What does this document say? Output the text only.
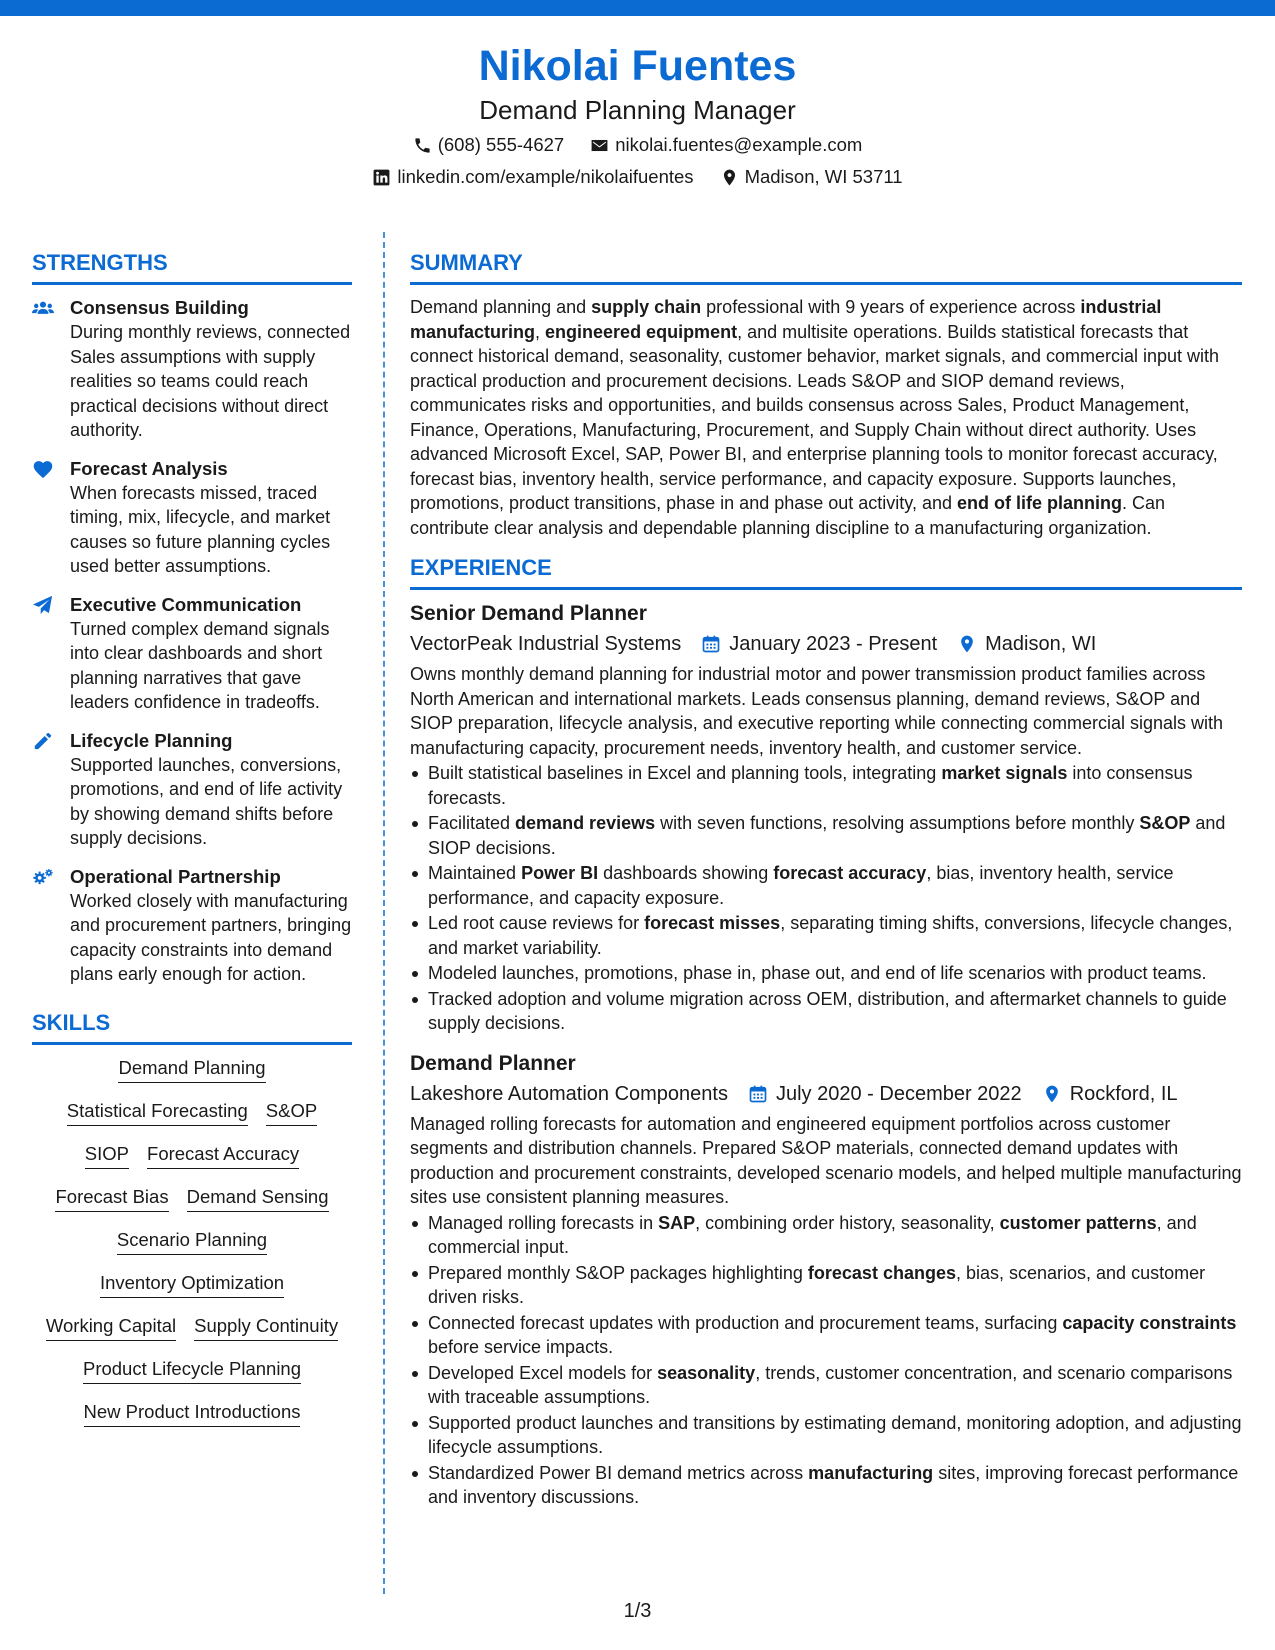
Nikolai Fuentes
Demand Planning Manager
(608) 555-4627	nikolai.fuentes@example.com
linkedin.com/example/nikolaifuentes	Madison, WI 53711
STRENGTHS
Consensus Building
During monthly reviews, connected Sales assumptions with supply realities so teams could reach practical decisions without direct authority.
Forecast Analysis
When forecasts missed, traced timing, mix, lifecycle, and market causes so future planning cycles used better assumptions.
Executive Communication
Turned complex demand signals into clear dashboards and short planning narratives that gave leaders confidence in tradeoffs.
Lifecycle Planning
Supported launches, conversions, promotions, and end of life activity by showing demand shifts before supply decisions.
Operational Partnership
Worked closely with manufacturing and procurement partners, bringing capacity constraints into demand plans early enough for action.
SKILLS
Demand Planning
Statistical Forecasting S&OP
SIOP Forecast Accuracy
Forecast Bias Demand Sensing
Scenario Planning
Inventory Optimization
Working Capital Supply Continuity
Product Lifecycle Planning
New Product Introductions
SUMMARY
Demand planning and supply chain professional with 9 years of experience across industrial manufacturing, engineered equipment, and multisite operations. Builds statistical forecasts that connect historical demand, seasonality, customer behavior, market signals, and commercial input with practical production and procurement decisions. Leads S&OP and SIOP demand reviews, communicates risks and opportunities, and builds consensus across Sales, Product Management, Finance, Operations, Manufacturing, Procurement, and Supply Chain without direct authority. Uses advanced Microsoft Excel, SAP, Power BI, and enterprise planning tools to monitor forecast accuracy, forecast bias, inventory health, service performance, and capacity exposure. Supports launches, promotions, product transitions, phase in and phase out activity, and end of life planning. Can contribute clear analysis and dependable planning discipline to a manufacturing organization.
EXPERIENCE
Senior Demand Planner
VectorPeak Industrial Systems January 2023 - Present Madison, WI
Owns monthly demand planning for industrial motor and power transmission product families across North American and international markets. Leads consensus planning, demand reviews, S&OP and SIOP preparation, lifecycle analysis, and executive reporting while connecting commercial signals with manufacturing capacity, procurement needs, inventory health, and customer service.
Built statistical baselines in Excel and planning tools, integrating market signals into consensus forecasts.
Facilitated demand reviews with seven functions, resolving assumptions before monthly S&OP and SIOP decisions.
Maintained Power BI dashboards showing forecast accuracy, bias, inventory health, service performance, and capacity exposure.
Led root cause reviews for forecast misses, separating timing shifts, conversions, lifecycle changes, and market variability.
Modeled launches, promotions, phase in, phase out, and end of life scenarios with product teams.
Tracked adoption and volume migration across OEM, distribution, and aftermarket channels to guide supply decisions.
Demand Planner
Lakeshore Automation Components July 2020 - December 2022 Rockford, IL
Managed rolling forecasts for automation and engineered equipment portfolios across customer segments and distribution channels. Prepared S&OP materials, connected demand updates with production and procurement constraints, developed scenario models, and helped multiple manufacturing sites use consistent planning measures.
Managed rolling forecasts in SAP, combining order history, seasonality, customer patterns, and commercial input.
Prepared monthly S&OP packages highlighting forecast changes, bias, scenarios, and customer driven risks.
Connected forecast updates with production and procurement teams, surfacing capacity constraints before service impacts.
Developed Excel models for seasonality, trends, customer concentration, and scenario comparisons with traceable assumptions.
Supported product launches and transitions by estimating demand, monitoring adoption, and adjusting lifecycle assumptions.
Standardized Power BI demand metrics across manufacturing sites, improving forecast performance and inventory discussions.
1/3
